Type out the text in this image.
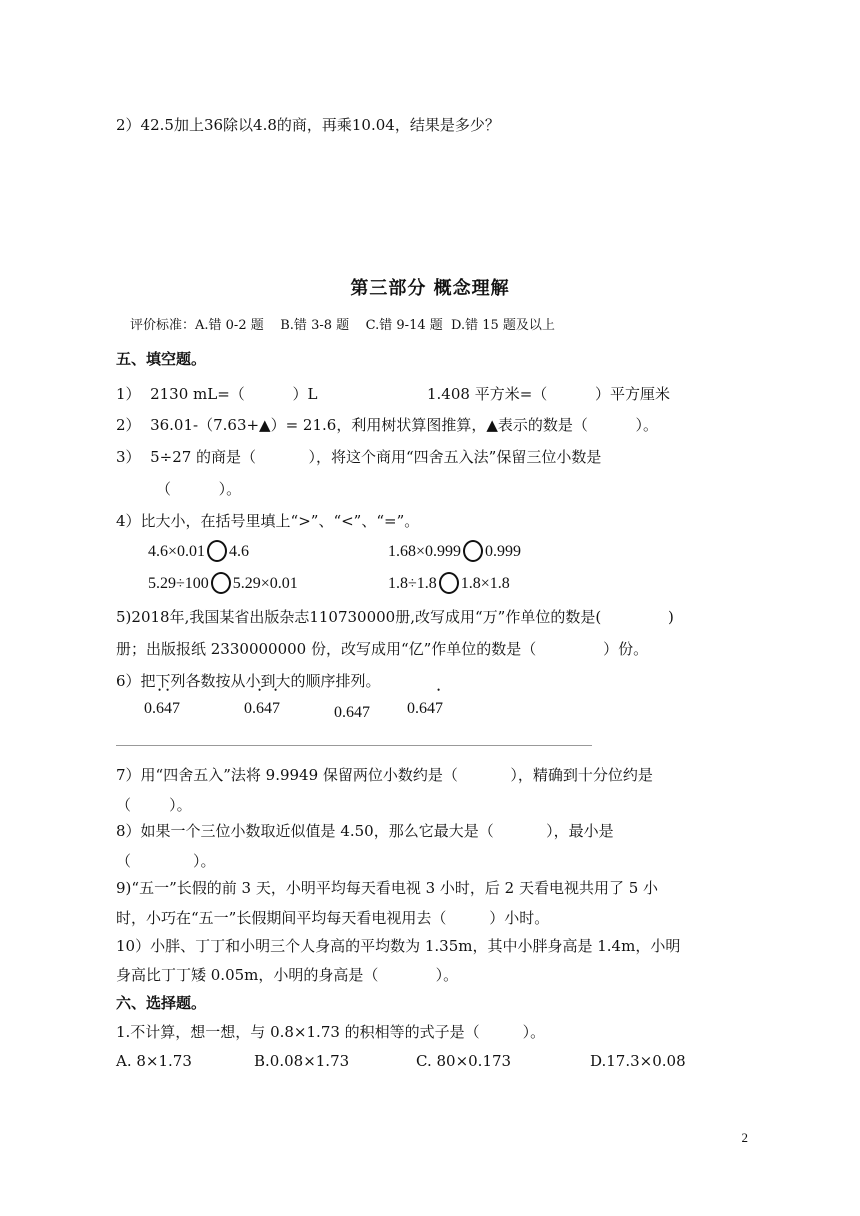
2）42.5加上36除以4.8的商，再乘10.04，结果是多少？
第三部分 概念理解
评价标准：A.错 0-2 题    B.错 3-8 题    C.错 9-14 题  D.错 15 题及以上
五、填空题。
1）  2130 mL=（          ）L	1.408 平方米=（          ）平方厘米
2）  36.01-（7.63+▲）= 21.6，利用树状算图推算，▲表示的数是（          ）。
3）  5÷27 的商是（           ），将这个商用“四舍五入法”保留三位小数是
（          ）。
4）比大小，在括号里填上“>”、“<”、“=”。
4.6×0.01 4.6	1.68×0.999 0.999
5.29÷100 5.29×0.01	1.8÷1.8 1.8×1.8
5)2018年,我国某省出版杂志110730000册,改写成用“万”作单位的数是(              )
册；出版报纸 2330000000 份，改写成用“亿”作单位的数是（              ）份。
6）把下列各数按从小到大的顺序排列。
0.• 6• 47	0.• 64• 7	0.647 0.64• 7
7）用“四舍五入”法将 9.9949 保留两位小数约是（           ），精确到十分位约是
（        ）。
8）如果一个三位小数取近似值是 4.50，那么它最大是（           ），最小是
（             ）。
9)“五一”长假的前 3 天，小明平均每天看电视 3 小时，后 2 天看电视共用了 5 小
时，小巧在“五一”长假期间平均每天看电视用去（         ）小时。
10）小胖、丁丁和小明三个人身高的平均数为 1.35m，其中小胖身高是 1.4m，小明
身高比丁丁矮 0.05m，小明的身高是（            ）。
六、选择题。
1.不计算，想一想，与 0.8×1.73 的积相等的式子是（         ）。
A. 8×1.73	B.0.08×1.73	C. 80×0.173	D.17.3×0.08
2
